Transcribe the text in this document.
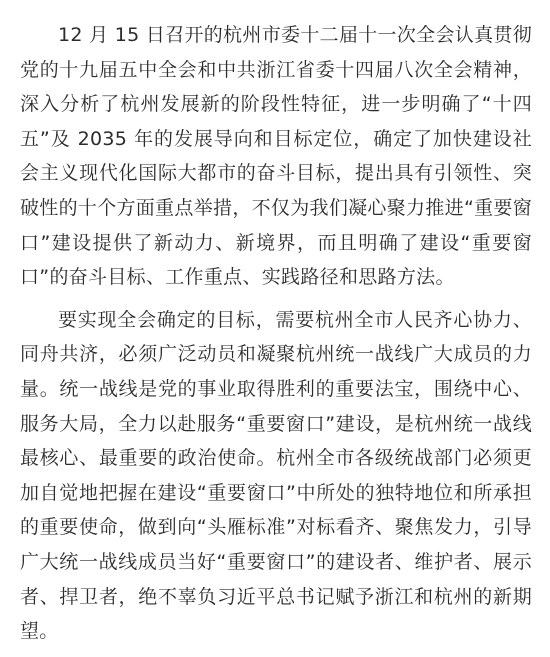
12 月 15 日召开的杭州市委十二届十一次全会认真贯彻党的十九届五中全会和中共浙江省委十四届八次全会精神，深入分析了杭州发展新的阶段性特征，进一步明确了“十四五”及 2035 年的发展导向和目标定位，确定了加快建设社会主义现代化国际大都市的奋斗目标，提出具有引领性、突破性的十个方面重点举措，不仅为我们凝心聚力推进“重要窗口”建设提供了新动力、新境界，而且明确了建设“重要窗口”的奋斗目标、工作重点、实践路径和思路方法。

要实现全会确定的目标，需要杭州全市人民齐心协力、同舟共济，必须广泛动员和凝聚杭州统一战线广大成员的力量。统一战线是党的事业取得胜利的重要法宝，围绕中心、服务大局，全力以赴服务“重要窗口”建设，是杭州统一战线最核心、最重要的政治使命。杭州全市各级统战部门必须更加自觉地把握在建设“重要窗口”中所处的独特地位和所承担的重要使命，做到向“头雁标准”对标看齐、聚焦发力，引导广大统一战线成员当好“重要窗口”的建设者、维护者、展示者、捍卫者，绝不辜负习近平总书记赋予浙江和杭州的新期望。
